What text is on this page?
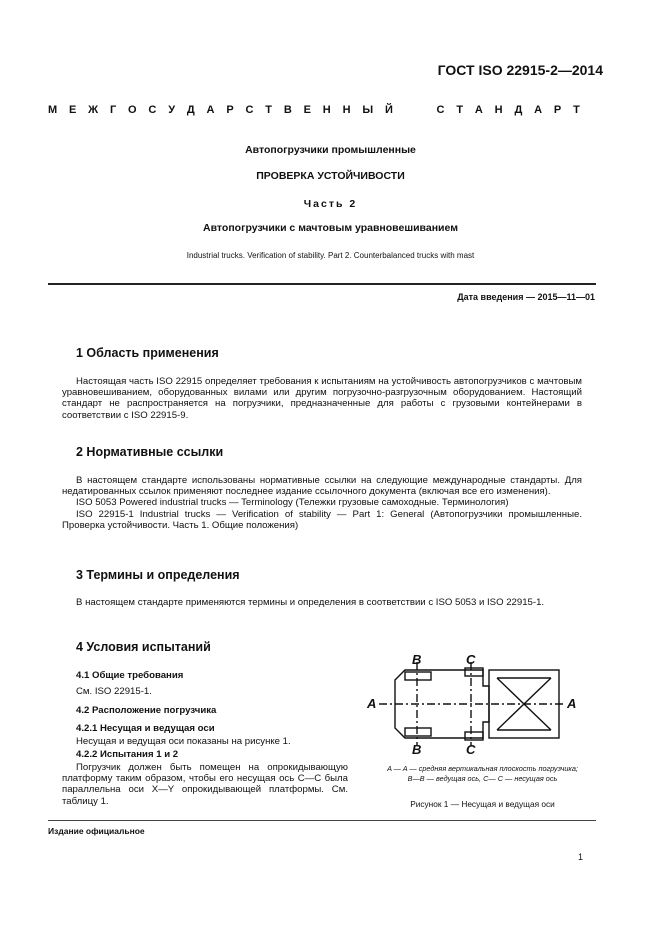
ГОСТ ISO 22915-2—2014
М Е Ж Г О С У Д А Р С Т В Е Н Н Ы Й	С Т А Н Д А Р Т
Автопогрузчики промышленные
ПРОВЕРКА УСТОЙЧИВОСТИ
Часть 2
Автопогрузчики с мачтовым уравновешиванием
Industrial trucks. Verification of stability. Part 2. Counterbalanced trucks with mast
Дата введения — 2015—11—01
1 Область применения

Настоящая часть ISO 22915 определяет требования к испытаниям на устойчивость автопогрузчиков с мачтовым уравновешиванием, оборудованных вилами или другим погрузочно-разгрузочным оборудованием. Настоящий стандарт не распространяется на погрузчики, предназначенные для работы с грузовыми контейнерами в соответствии с ISO 22915-9.

2 Нормативные ссылки

В настоящем стандарте использованы нормативные ссылки на следующие международные стандарты. Для недатированных ссылок применяют последнее издание ссылочного документа (включая все его изменения).

ISO 5053 Powered industrial trucks — Terminology (Тележки грузовые самоходные. Терминология)

ISO 22915-1 Industrial trucks — Verification of stability — Part 1: General (Автопогрузчики промышленные. Проверка устойчивости. Часть 1. Общие положения)

3 Термины и определения

В настоящем стандарте применяются термины и определения в соответствии с ISO 5053 и ISO 22915-1.

4 Условия испытаний
4.1 Общие требования
См. ISO 22915-1.
4.2 Расположение погрузчика
4.2.1 Несущая и ведущая оси
Несущая и ведущая оси показаны на рисунке 1.
4.2.2 Испытания 1 и 2

Погрузчик должен быть помещен на опрокидывающую платформу таким образом, чтобы его несущая ось C—C была параллельна оси X—Y опрокидывающей платформы. См. таблицу 1.

A	A
B
B
C
C
A — A — средняя вертикальная плоскость погрузчика;
B—B — ведущая ось, C— C — несущая ось
Рисунок 1 — Несущая и ведущая оси
Издание официальное
1
